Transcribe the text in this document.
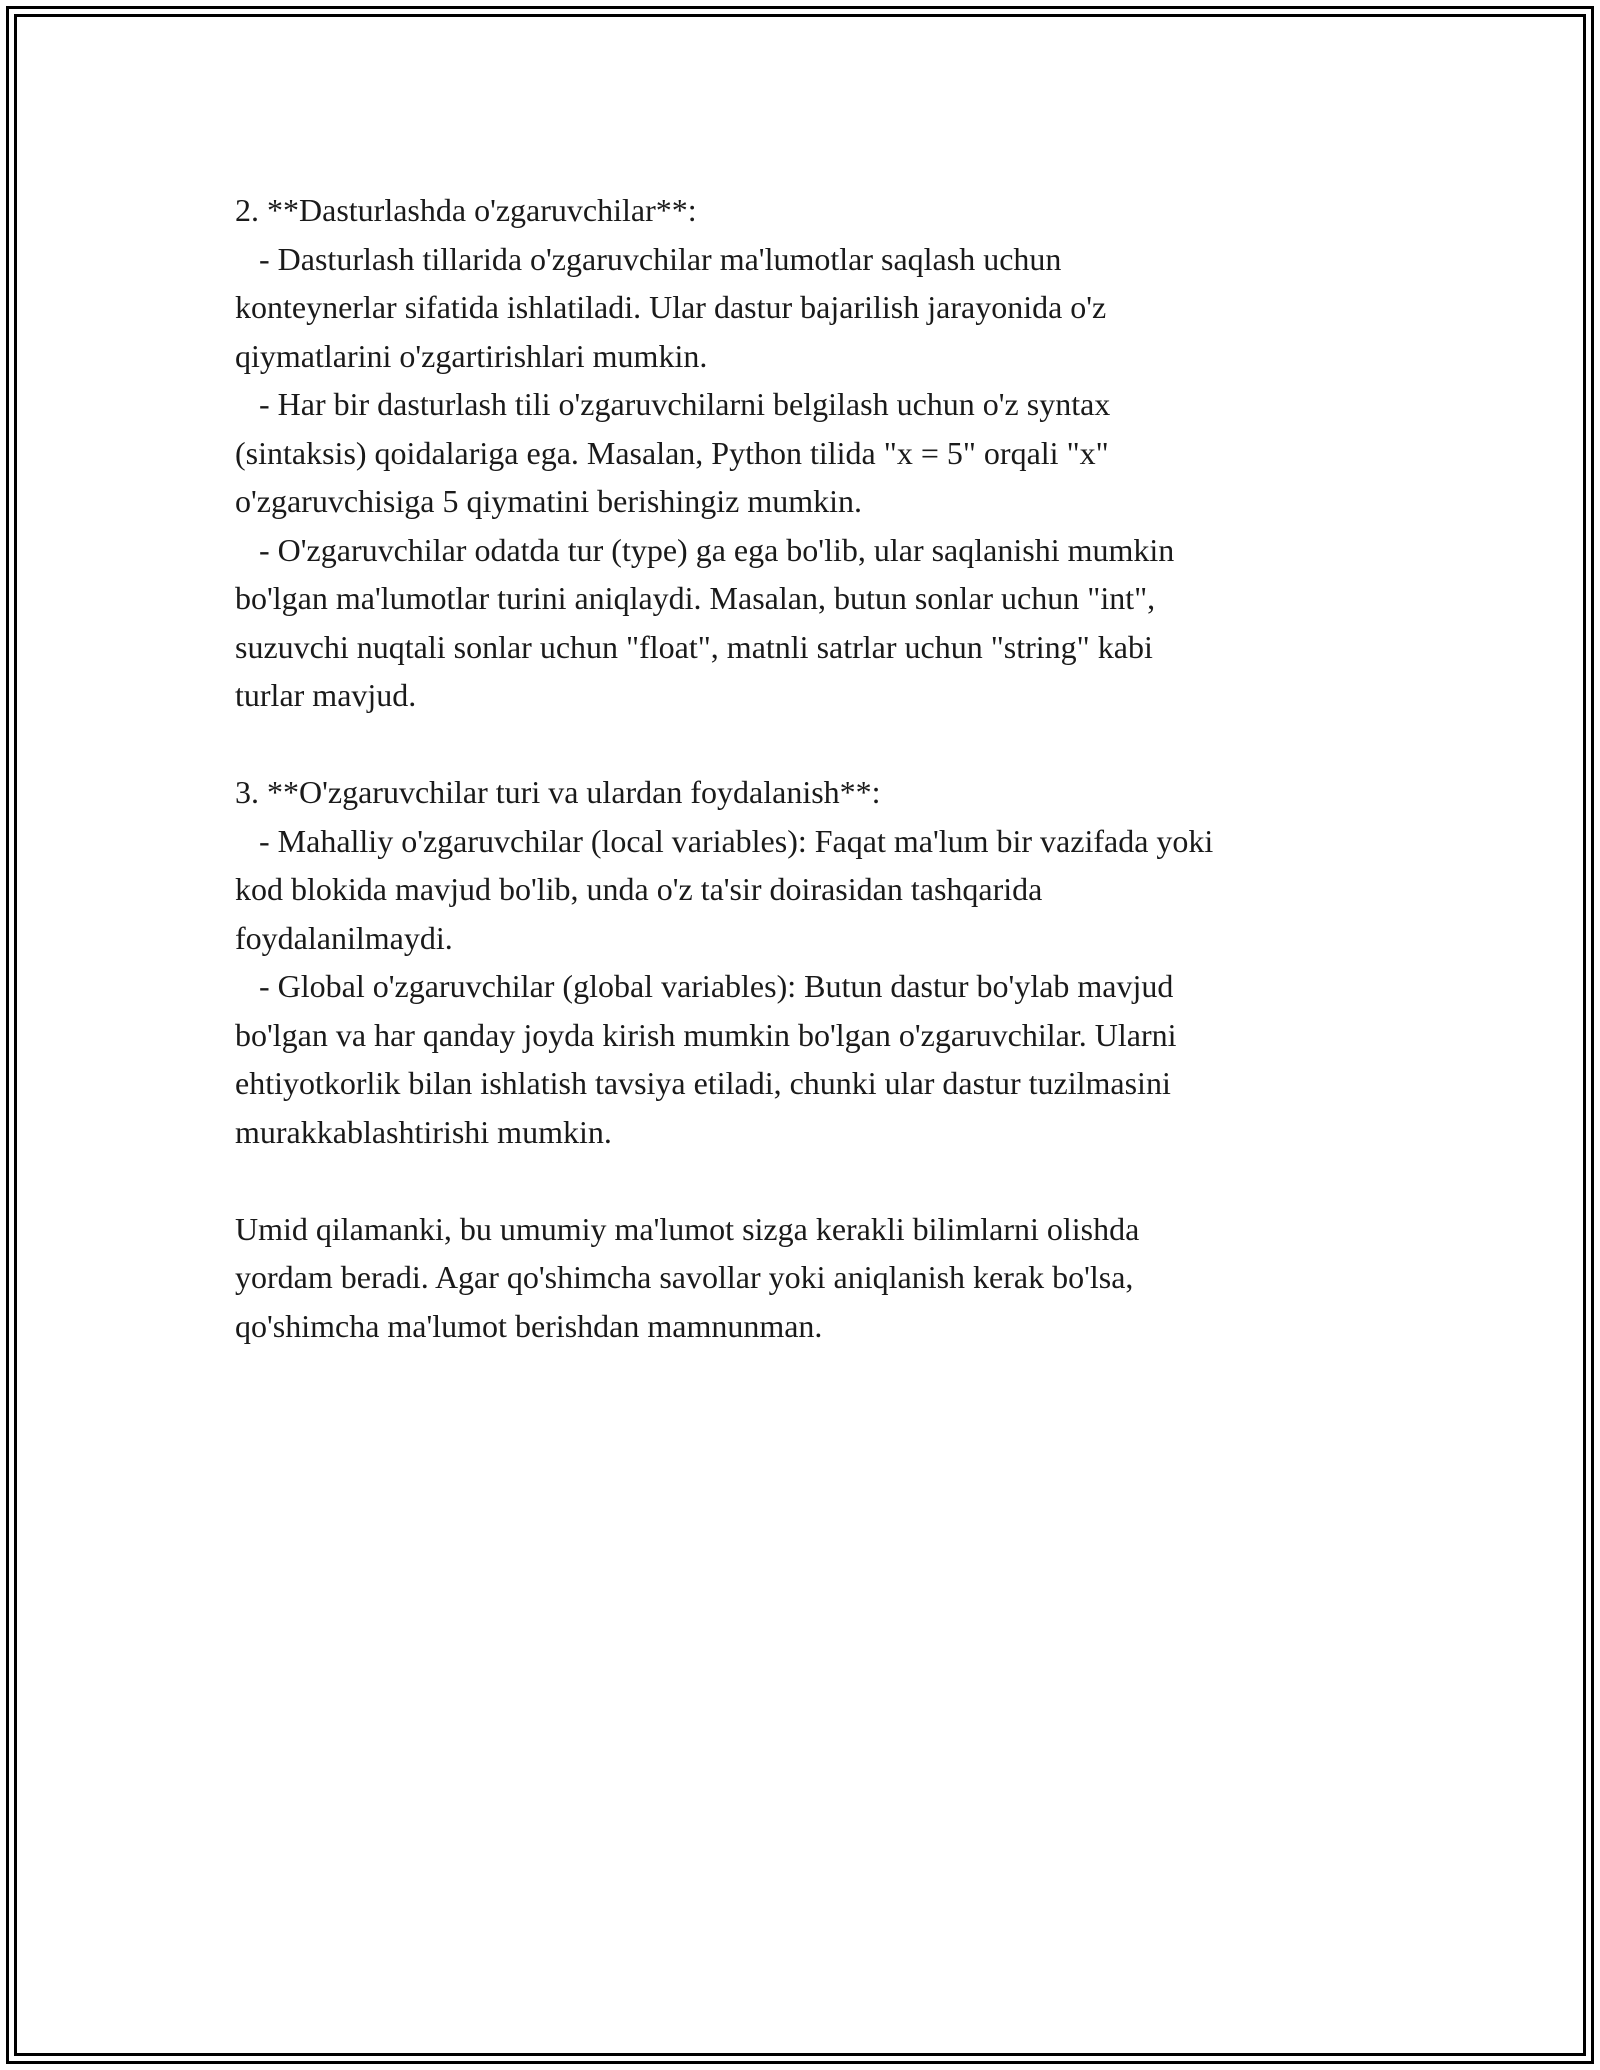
2. **Dasturlashda o'zgaruvchilar**:
- Dasturlash tillarida o'zgaruvchilar ma'lumotlar saqlash uchun
konteynerlar sifatida ishlatiladi. Ular dastur bajarilish jarayonida o'z
qiymatlarini o'zgartirishlari mumkin.
- Har bir dasturlash tili o'zgaruvchilarni belgilash uchun o'z syntax
(sintaksis) qoidalariga ega. Masalan, Python tilida "x = 5" orqali "x"
o'zgaruvchisiga 5 qiymatini berishingiz mumkin.
- O'zgaruvchilar odatda tur (type) ga ega bo'lib, ular saqlanishi mumkin
bo'lgan ma'lumotlar turini aniqlaydi. Masalan, butun sonlar uchun "int",
suzuvchi nuqtali sonlar uchun "float", matnli satrlar uchun "string" kabi
turlar mavjud.
3. **O'zgaruvchilar turi va ulardan foydalanish**:
- Mahalliy o'zgaruvchilar (local variables): Faqat ma'lum bir vazifada yoki
kod blokida mavjud bo'lib, unda o'z ta'sir doirasidan tashqarida
foydalanilmaydi.
- Global o'zgaruvchilar (global variables): Butun dastur bo'ylab mavjud
bo'lgan va har qanday joyda kirish mumkin bo'lgan o'zgaruvchilar. Ularni
ehtiyotkorlik bilan ishlatish tavsiya etiladi, chunki ular dastur tuzilmasini
murakkablashtirishi mumkin.
Umid qilamanki, bu umumiy ma'lumot sizga kerakli bilimlarni olishda
yordam beradi. Agar qo'shimcha savollar yoki aniqlanish kerak bo'lsa,
qo'shimcha ma'lumot berishdan mamnunman.
